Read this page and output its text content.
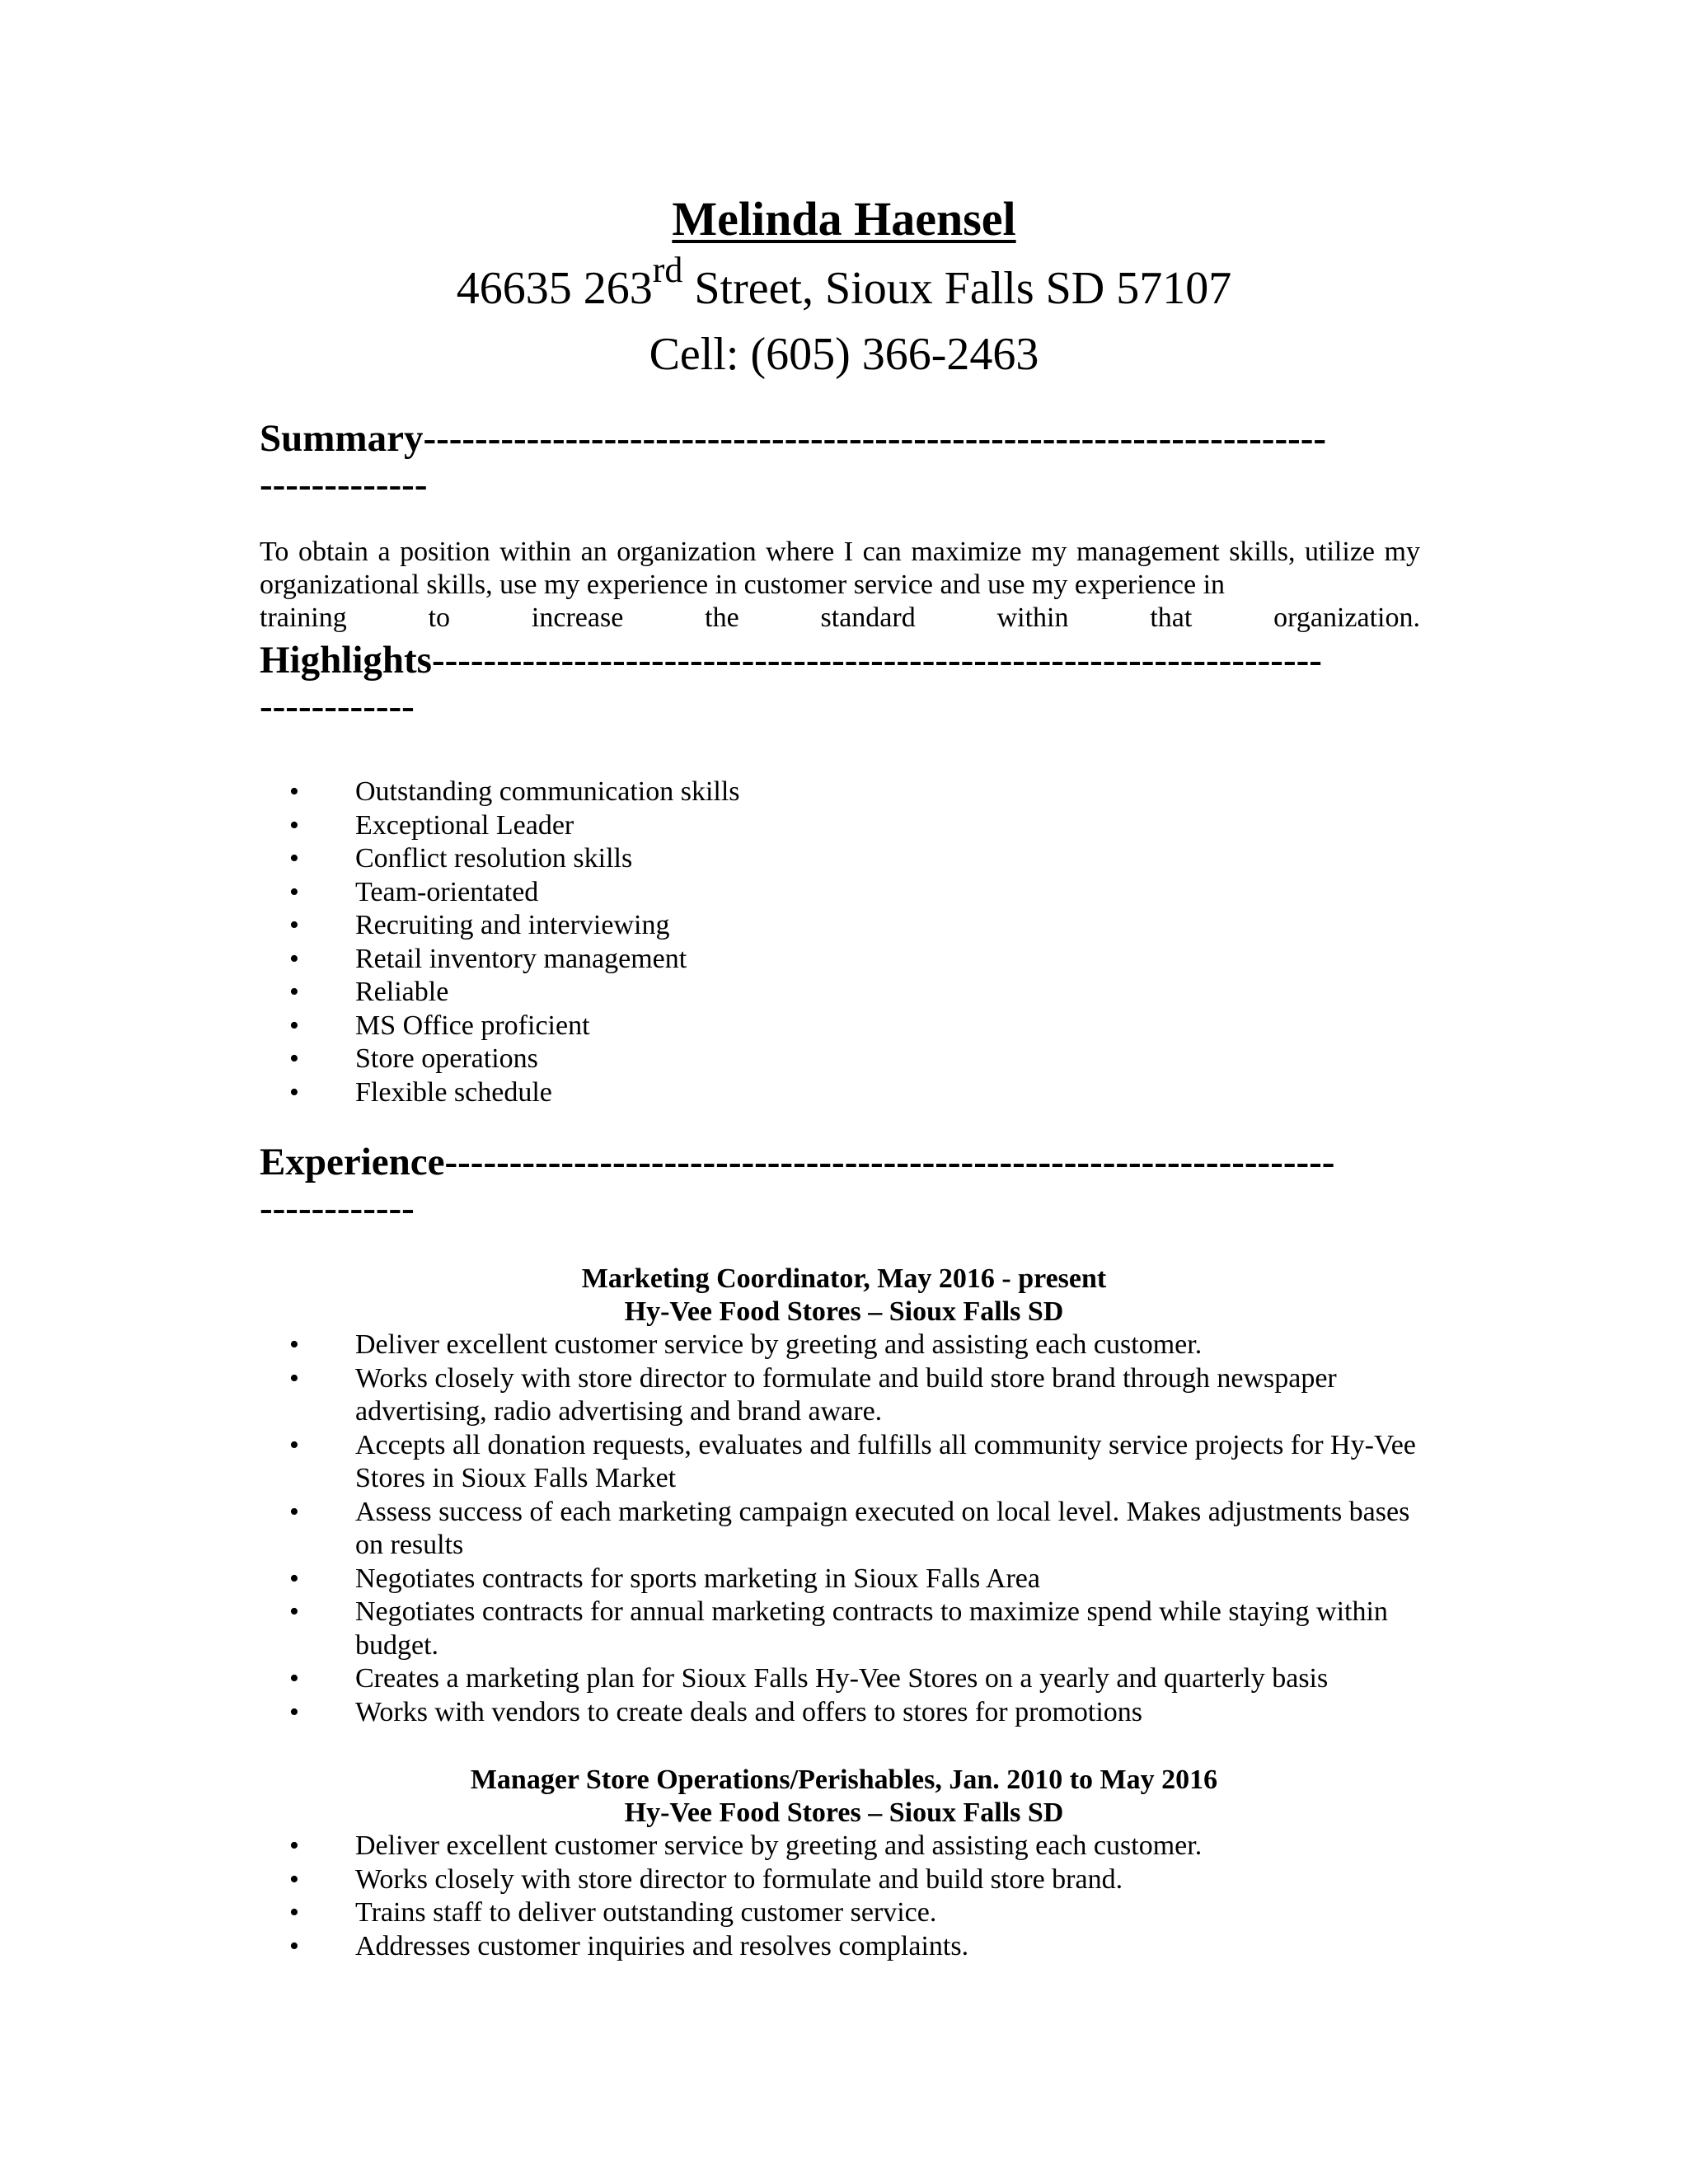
Melinda Haensel
46635 263rd Street, Sioux Falls SD 57107
Cell: (605) 366-2463
Summary----------------------------------------------------------------------
-------------
To obtain a position within an organization where I can maximize my management skills, utilize my organizational skills, use my experience in customer service and use my experience in
training to increase the standard within that organization.
Highlights---------------------------------------------------------------------
------------
• Outstanding communication skills
• Exceptional Leader
• Conflict resolution skills
• Team-orientated
• Recruiting and interviewing
• Retail inventory management
• Reliable
• MS Office proficient
• Store operations
• Flexible schedule
Experience---------------------------------------------------------------------
------------
Marketing Coordinator, May 2016 - present
Hy-Vee Food Stores – Sioux Falls SD
• Deliver excellent customer service by greeting and assisting each customer.
• Works closely with store director to formulate and build store brand through newspaper advertising, radio advertising and brand aware.
• Accepts all donation requests, evaluates and fulfills all community service projects for Hy-Vee Stores in Sioux Falls Market
• Assess success of each marketing campaign executed on local level. Makes adjustments bases on results
• Negotiates contracts for sports marketing in Sioux Falls Area
• Negotiates contracts for annual marketing contracts to maximize spend while staying within budget.
• Creates a marketing plan for Sioux Falls Hy-Vee Stores on a yearly and quarterly basis
• Works with vendors to create deals and offers to stores for promotions
Manager Store Operations/Perishables, Jan. 2010 to May 2016
Hy-Vee Food Stores – Sioux Falls SD
• Deliver excellent customer service by greeting and assisting each customer.
• Works closely with store director to formulate and build store brand.
• Trains staff to deliver outstanding customer service.
• Addresses customer inquiries and resolves complaints.
